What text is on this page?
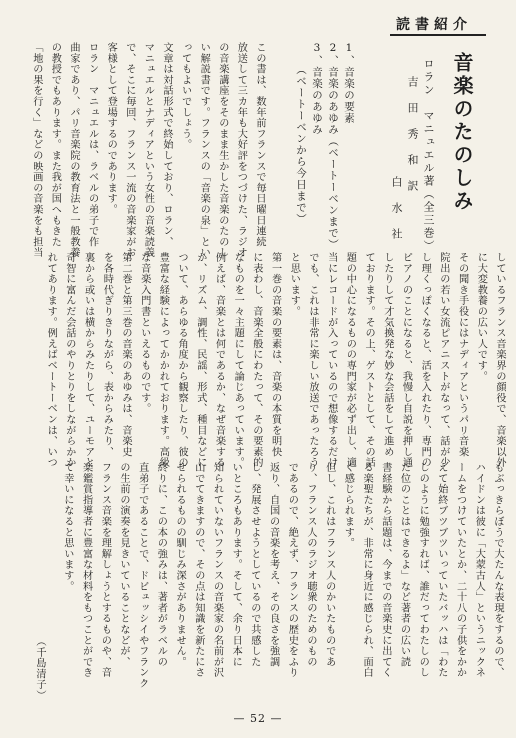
読書紹介
音楽のたのしみ
ロラン　マニュエル著（全三巻）
吉　田　秀　和　訳
白　水　社
1、音楽の要素
2、音楽のあゆみ（ベートーベンまで）
3、音楽のあゆみ
（ベートーベンから今日まで）
この書は、数年前フランスで毎日曜日連続
放送して三カ年も大好評をつづけた、ラジオ
の音楽講座をそのまま生かした音楽のたのし
い解説書です。フランスの「音楽の泉」とい
ってもよいでしょう。
文章は対話形式で終始しており、ロラン、
マニュエルとナディアという女性の音楽読義
で、そこに毎回、フランス一流の音楽家がお
客様として登場するのであります。
ロラン　マニュエルは、ラベルの弟子で作
曲家であり、パリ音楽院の教育法と一般教養
の教授でもあります。また我が国へもきた
「地の果を行く」などの映画の音楽をも担当
しているフランス音楽界の顔役で、音楽以外
に大変教養の広い人です。
その聞き手役にはナディアというパリ音楽
院出の若い女流ピアニストがなって、話が少
し理くっぽくなると、活を入れたり、専門の
ピアノのことになると、我慢し自説を押し通
したりして才気換発な妙な会話をして進め
ております。その上、ゲストとして、その話
題の中心になるものの専門家が必ず出し、適
当にレコードが入っているので想像するだけ
でも、これは非常に楽しい放送であったろう
と思います。
第一巻の音楽の要素は、音楽の本質を明快
に表わし、音楽全般にわたって、その要素的
なものを一々主題にして論じあっています。
例えば、音楽とは何であるか、なぜ音楽する
か、リズム、調性、民謡、形式、種目などに
ついて、あらゆる角度から観察したり、彼の
豊富な経験によってかかれております。高級
な音楽入門書といえるものです。
第二巻と第三巻の音楽のあゆみは、音楽史
を各時代ぎりきりながら、表からみたり、
裏から或いは横からみたりして、ユーモアと
奇智に富んだ会話のやりとりをしながらかか
れてあります。例えばベートーベンは、いつ
もぶっきらぼうで大たんな表現をするので、
ハイドンは彼に「大蒙古人」というニックネ
ームをつけていたとか、二十八の子供をかか
えて始終ブツブツいっていたバッハは「わた
しのように勉強すれば、誰だってわたしのし
た位のことはできるよ」など著者の広い読
書経験から話題は、今までの音楽史に出てく
る楽聖たちが、非常に身近に感じられ、面白
く感じられます。
但し、これはフランス人のかいたものであ
り、フランス人のラジオ聴衆のためのもの
であるので、絶えず、フランスの歴史をふり
返り、自国の音楽を考え、その良さを強調
し、発展させようとしているので共感した
いところもあります。そして、余り日本に
知られていないフランスの音楽家の名前が沢
山でてきますので、その点は知識を新たにさ
せられるものの馴じみ深さがありません。
終りに、この本の強みは、著者がラベルの
直弟子であることで、ドビュッシイやフランク
の生前の演奏を見きいていることなどが、
フランス音楽を理解しょうとするものや、音
楽鑑賞指導者に豊富な材料をもつことができ
て幸いになると思います。
（千島清子）
— 52 —
